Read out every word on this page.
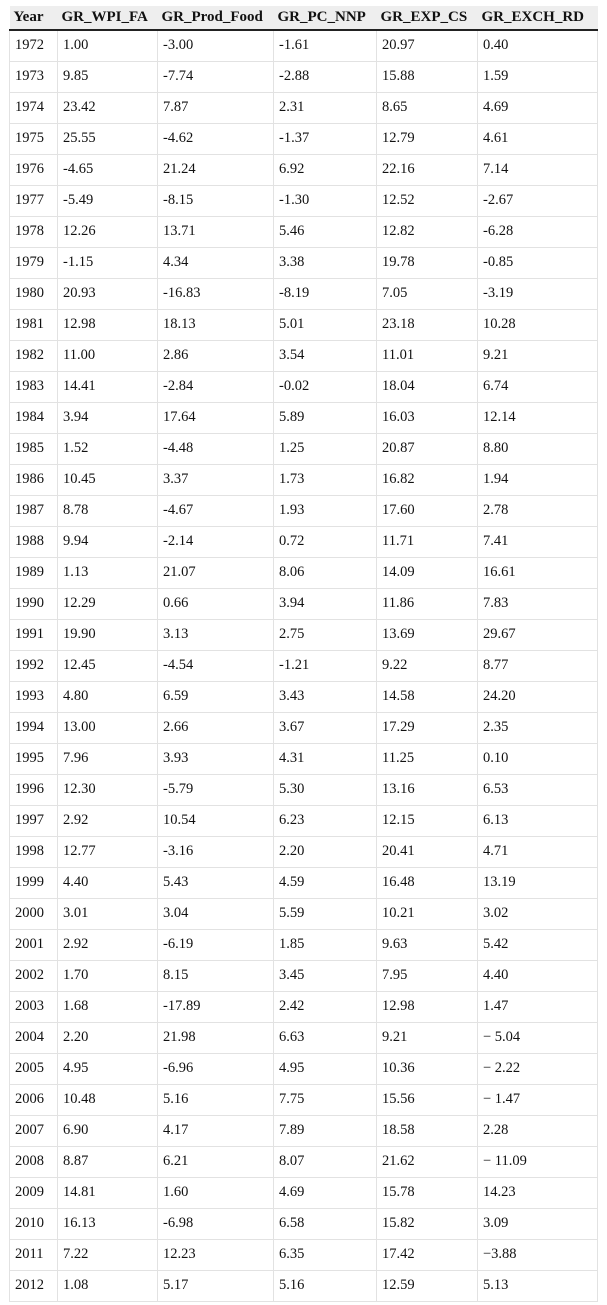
Year	GR_WPI_FA	GR_Prod_Food	GR_PC_NNP	GR_EXP_CS	GR_EXCH_RD
1972	1.00	-3.00	-1.61	20.97	0.40
1973	9.85	-7.74	-2.88	15.88	1.59
1974	23.42	7.87	2.31	8.65	4.69
1975	25.55	-4.62	-1.37	12.79	4.61
1976	-4.65	21.24	6.92	22.16	7.14
1977	-5.49	-8.15	-1.30	12.52	-2.67
1978	12.26	13.71	5.46	12.82	-6.28
1979	-1.15	4.34	3.38	19.78	-0.85
1980	20.93	-16.83	-8.19	7.05	-3.19
1981	12.98	18.13	5.01	23.18	10.28
1982	11.00	2.86	3.54	11.01	9.21
1983	14.41	-2.84	-0.02	18.04	6.74
1984	3.94	17.64	5.89	16.03	12.14
1985	1.52	-4.48	1.25	20.87	8.80
1986	10.45	3.37	1.73	16.82	1.94
1987	8.78	-4.67	1.93	17.60	2.78
1988	9.94	-2.14	0.72	11.71	7.41
1989	1.13	21.07	8.06	14.09	16.61
1990	12.29	0.66	3.94	11.86	7.83
1991	19.90	3.13	2.75	13.69	29.67
1992	12.45	-4.54	-1.21	9.22	8.77
1993	4.80	6.59	3.43	14.58	24.20
1994	13.00	2.66	3.67	17.29	2.35
1995	7.96	3.93	4.31	11.25	0.10
1996	12.30	-5.79	5.30	13.16	6.53
1997	2.92	10.54	6.23	12.15	6.13
1998	12.77	-3.16	2.20	20.41	4.71
1999	4.40	5.43	4.59	16.48	13.19
2000	3.01	3.04	5.59	10.21	3.02
2001	2.92	-6.19	1.85	9.63	5.42
2002	1.70	8.15	3.45	7.95	4.40
2003	1.68	-17.89	2.42	12.98	1.47
2004	2.20	21.98	6.63	9.21	− 5.04
2005	4.95	-6.96	4.95	10.36	− 2.22
2006	10.48	5.16	7.75	15.56	− 1.47
2007	6.90	4.17	7.89	18.58	2.28
2008	8.87	6.21	8.07	21.62	− 11.09
2009	14.81	1.60	4.69	15.78	14.23
2010	16.13	-6.98	6.58	15.82	3.09
2011	7.22	12.23	6.35	17.42	−3.88
2012	1.08	5.17	5.16	12.59	5.13
